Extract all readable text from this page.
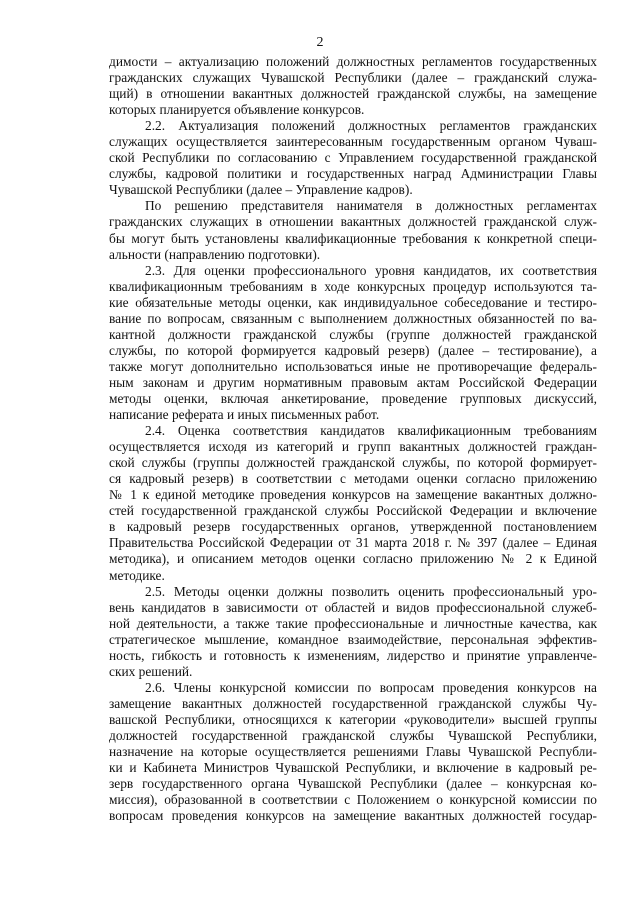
2
димости – актуализацию положений должностных регламентов государственных
гражданских служащих Чувашской Республики (далее – гражданский служа-
щий) в отношении вакантных должностей гражданской службы, на замещение
которых планируется объявление конкурсов.
2.2. Актуализация положений должностных регламентов гражданских
служащих осуществляется заинтересованным государственным органом Чуваш-
ской Республики по согласованию с Управлением государственной гражданской
службы, кадровой политики и государственных наград Администрации Главы
Чувашской Республики (далее – Управление кадров).
По решению представителя нанимателя в должностных регламентах
гражданских служащих в отношении вакантных должностей гражданской служ-
бы могут быть установлены квалификационные требования к конкретной специ-
альности (направлению подготовки).
2.3. Для оценки профессионального уровня кандидатов, их соответствия
квалификационным требованиям в ходе конкурсных процедур используются та-
кие обязательные методы оценки, как индивидуальное собеседование и тестиро-
вание по вопросам, связанным с выполнением должностных обязанностей по ва-
кантной должности гражданской службы (группе должностей гражданской
службы, по которой формируется кадровый резерв) (далее – тестирование), а
также могут дополнительно использоваться иные не противоречащие федераль-
ным законам и другим нормативным правовым актам Российской Федерации
методы оценки, включая анкетирование, проведение групповых дискуссий,
написание реферата и иных письменных работ.
2.4. Оценка соответствия кандидатов квалификационным требованиям
осуществляется исходя из категорий и групп вакантных должностей граждан-
ской службы (группы должностей гражданской службы, по которой формирует-
ся кадровый резерв) в соответствии с методами оценки согласно приложению
№ 1 к единой методике проведения конкурсов на замещение вакантных должно-
стей государственной гражданской службы Российской Федерации и включение
в кадровый резерв государственных органов, утвержденной постановлением
Правительства Российской Федерации от 31 марта 2018 г. № 397 (далее – Единая
методика), и описанием методов оценки согласно приложению № 2 к Единой
методике.
2.5. Методы оценки должны позволить оценить профессиональный уро-
вень кандидатов в зависимости от областей и видов профессиональной служеб-
ной деятельности, а также такие профессиональные и личностные качества, как
стратегическое мышление, командное взаимодействие, персональная эффектив-
ность, гибкость и готовность к изменениям, лидерство и принятие управленче-
ских решений.
2.6. Члены конкурсной комиссии по вопросам проведения конкурсов на
замещение вакантных должностей государственной гражданской службы Чу-
вашской Республики, относящихся к категории «руководители» высшей группы
должностей государственной гражданской службы Чувашской Республики,
назначение на которые осуществляется решениями Главы Чувашской Республи-
ки и Кабинета Министров Чувашской Республики, и включение в кадровый ре-
зерв государственного органа Чувашской Республики (далее – конкурсная ко-
миссия), образованной в соответствии с Положением о конкурсной комиссии по
вопросам проведения конкурсов на замещение вакантных должностей государ-
